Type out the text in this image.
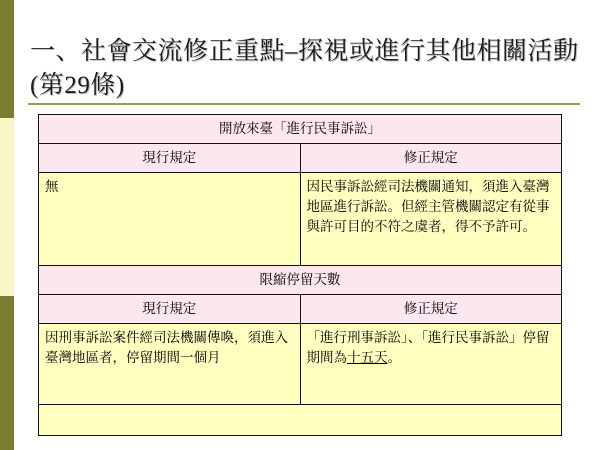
一、社會交流修正重點–探視或進行其他相關活動(第29條)
開放來臺「進行民事訴訟」	
現行規定	修正規定
無	因民事訴訟經司法機關通知，須進入臺灣地區進行訴訟。但經主管機關認定有從事與許可目的不符之虞者，得不予許可。
限縮停留天數	
現行規定	修正規定
因刑事訴訟案件經司法機關傳喚，須進入臺灣地區者，停留期間一個月	「進行刑事訴訟」、「進行民事訴訟」停留期間為十五天。
